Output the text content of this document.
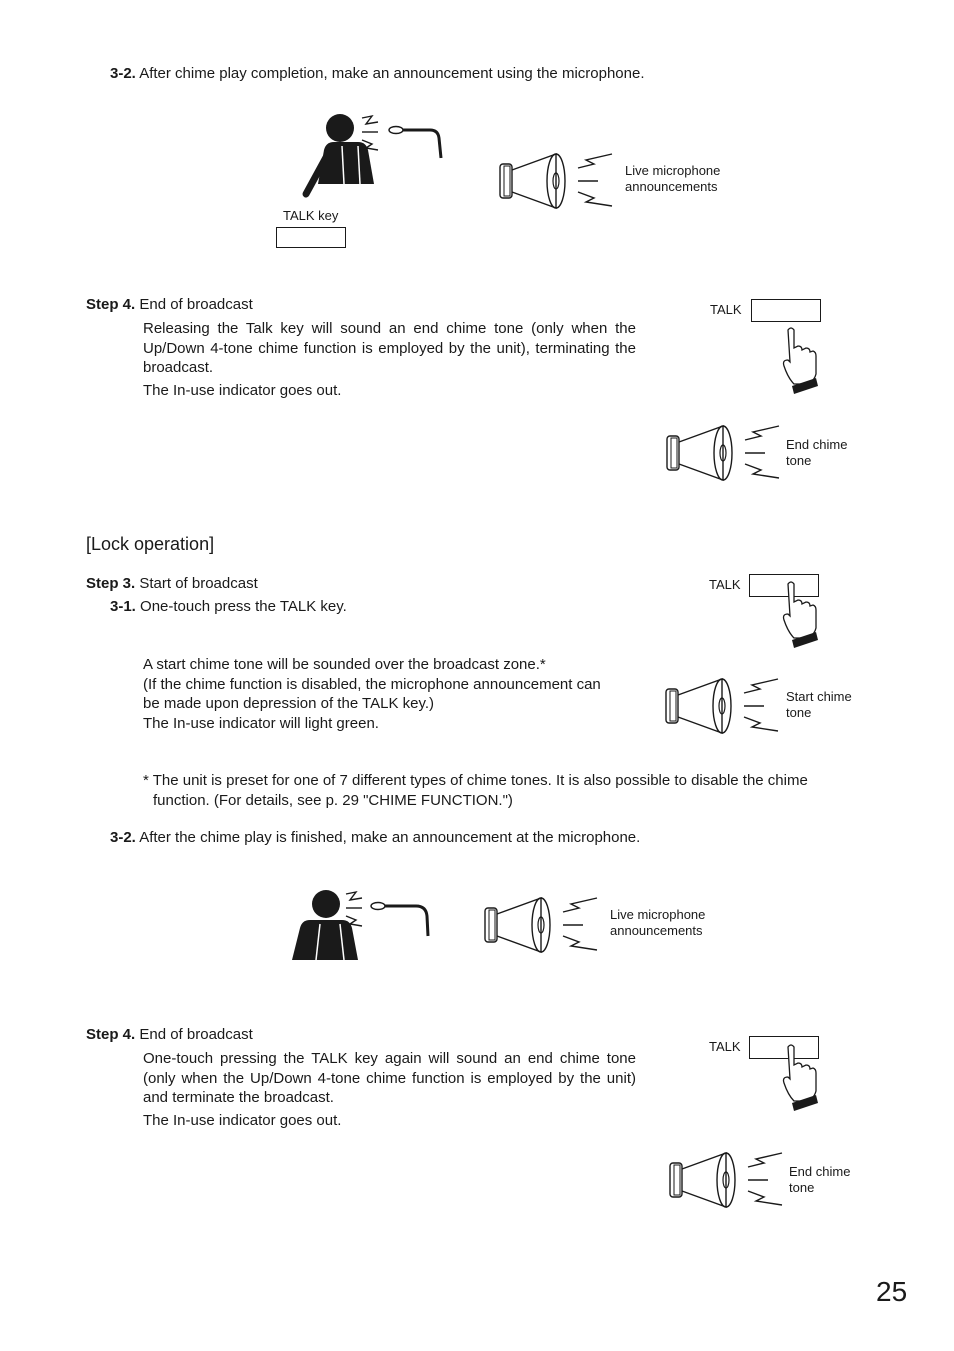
3-2. After chime play completion, make an announcement using the microphone.
TALK key
Live microphone
announcements
Step 4. End of broadcast
Releasing the Talk key will sound an end chime tone (only when the Up/Down 4-tone chime function is employed by the unit), terminating the broadcast.
The In-use indicator goes out.
TALK
End chime
tone
[Lock operation]
Step 3. Start of broadcast
3-1. One-touch press the TALK key.
A start chime tone will be sounded over the broadcast zone.*
(If the chime function is disabled, the microphone announcement can
be made upon depression of the TALK key.)
The In-use indicator will light green.
TALK
Start chime
tone
* The unit is preset for one of 7 different types of chime tones. It is also possible to disable the chime
function. (For details, see p. 29 "CHIME FUNCTION.")
3-2. After the chime play is finished, make an announcement at the microphone.
Live microphone
announcements
Step 4. End of broadcast
One-touch pressing the TALK key again will sound an end chime tone (only when the Up/Down 4-tone chime function is employed by the unit) and terminate the broadcast.
The In-use indicator goes out.
TALK
End chime
tone
25
